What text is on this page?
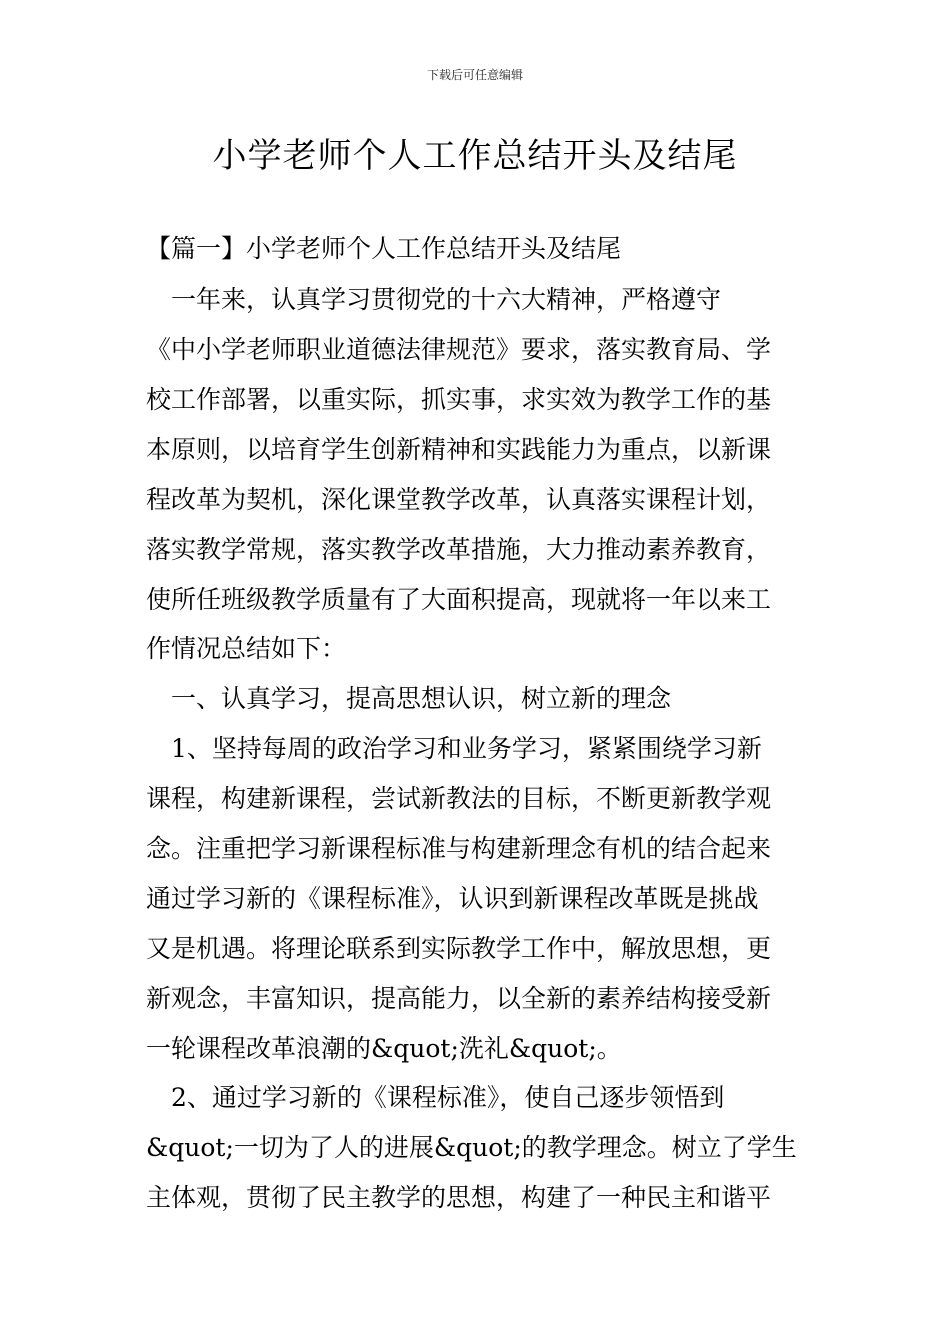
下载后可任意编辑
小学老师个人工作总结开头及结尾
【篇一】小学老师个人工作总结开头及结尾
　一年来，认真学习贯彻党的十六大精神，严格遵守
《中小学老师职业道德法律规范》要求，落实教育局、学
校工作部署，以重实际，抓实事，求实效为教学工作的基
本原则，以培育学生创新精神和实践能力为重点，以新课
程改革为契机，深化课堂教学改革，认真落实课程计划，
落实教学常规，落实教学改革措施，大力推动素养教育，
使所任班级教学质量有了大面积提高，现就将一年以来工
作情况总结如下：
　一、认真学习，提高思想认识，树立新的理念
　1、坚持每周的政治学习和业务学习，紧紧围绕学习新
课程，构建新课程，尝试新教法的目标，不断更新教学观
念。注重把学习新课程标准与构建新理念有机的结合起来
通过学习新的《课程标准》，认识到新课程改革既是挑战
又是机遇。将理论联系到实际教学工作中，解放思想，更
新观念，丰富知识，提高能力，以全新的素养结构接受新
一轮课程改革浪潮的&quot;洗礼&quot;。
　2、通过学习新的《课程标准》，使自己逐步领悟到
&quot;一切为了人的进展&quot;的教学理念。树立了学生
主体观，贯彻了民主教学的思想，构建了一种民主和谐平
